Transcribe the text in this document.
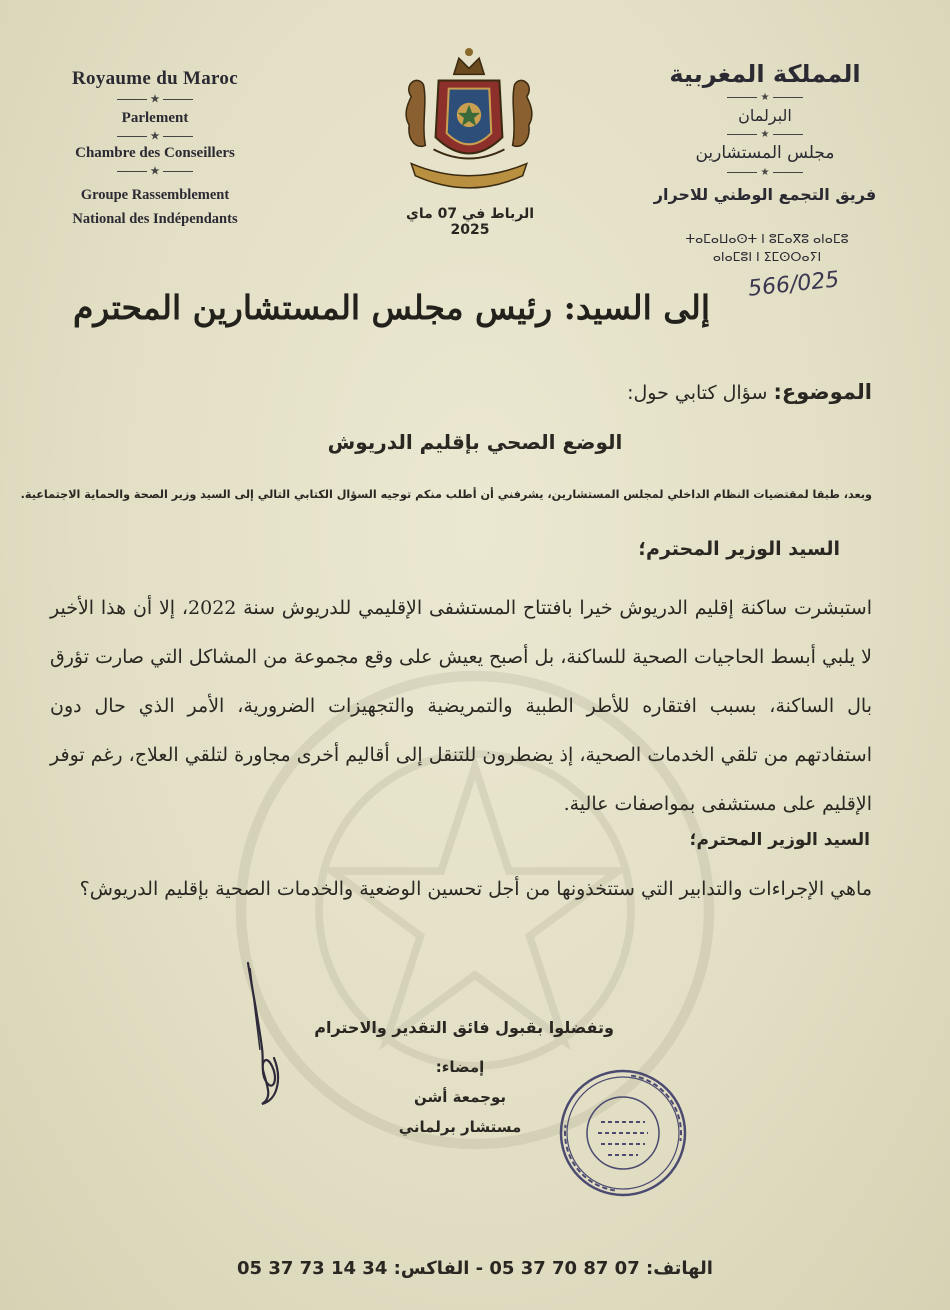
Royaume du Maroc
★
Parlement
★
Chambre des Conseillers
★
Groupe Rassemblement
National des Indépendants	الرباط في 07 ماي 2025
المملكة المغربية
★
البرلمان
★
مجلس المستشارين
★
فريق التجمع الوطني للاحرار
ⵜⴰⵎⴰⵡⴰⵙⵜ ⵏ ⵓⵎⴰⴳⵓ ⴰⵏⴰⵎⵓ
ⴰⵏⴰⵎⵓⵏ ⵏ ⵉⵎⵙⵔⴰⵢⵏ
566/025
إلى السيد: رئيس مجلس المستشارين المحترم
الموضوع: سؤال كتابي حول:
الوضع الصحي بإقليم الدريوش
وبعد، طبقا لمقتضيات النظام الداخلي لمجلس المستشارين، يشرفني أن أطلب منكم توجيه السؤال الكتابي التالي إلى السيد وزير الصحة والحماية الاجتماعية.
السيد الوزير المحترم؛
استبشرت ساكنة إقليم الدريوش خيرا بافتتاح المستشفى الإقليمي للدريوش سنة 2022، إلا أن هذا الأخير لا يلبي أبسط الحاجيات الصحية للساكنة، بل أصبح يعيش على وقع مجموعة من المشاكل التي صارت تؤرق بال الساكنة، بسبب افتقاره للأطر الطبية والتمريضية والتجهيزات الضرورية، الأمر الذي حال دون استفادتهم من تلقي الخدمات الصحية، إذ يضطرون للتنقل إلى أقاليم أخرى مجاورة لتلقي العلاج، رغم توفر الإقليم على مستشفى بمواصفات عالية.
السيد الوزير المحترم؛
ماهي الإجراءات والتدابير التي ستتخذونها من أجل تحسين الوضعية والخدمات الصحية بإقليم الدريوش؟
وتفضلوا بقبول فائق التقدير والاحترام
إمضاء:
بوجمعة أشن
مستشار برلماني
الهاتف: 05 37 70 87 07 - الفاكس: 05 37 73 14 34
